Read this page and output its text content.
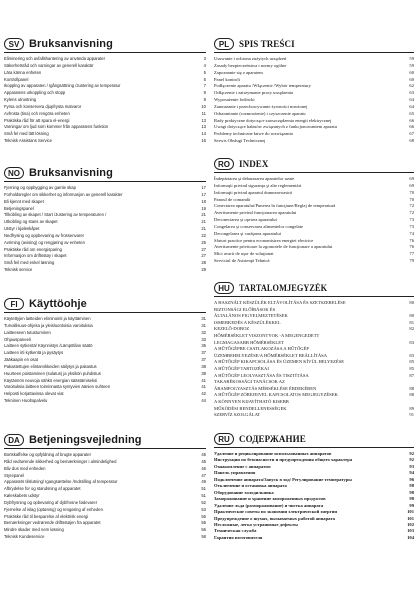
SV Bruksanvisning
Eliminering och avfallshantering av använda apparater	3
Säkerhetsråd och varningar av generell karaktär	4
Lära känna enheten	5
Kontrollpanel	5
Ikopplng av apparaten / Igångsättning /Justering av temperatur	7
Apparatens urkoppling och stopp	9
Kylens utrustning	9
Fyrsa och konservera djupfrysta matvaror	10
Avfrosta (tina) och rengöra enheten	11
Praktiska råd för att spara el-energi	13
Varningar om ljud som kommer från apparatens funktion	13
Små fel med lätt lösning	14
Teknisk Assistans Service	16
NO Bruksanvisning
Fjerning og oppbygging av gamle skap	17
Forholdsregler om sikkerhet og informasjon av generell karakter	17
Bli kjennt med skapet	18
Betjeningspanel	19
Tilkobling av skapet / Start /Justering av temperaturen /	21
Utkobling og stans av skapet	21
Utstyr i kjøleskåpet	21
Nedfrysing og oppbevaring av frossenvarer	22
Avriming (avising) og rengjøring av enheten	25
Praktiske råd om energisparing	27
Informasjon om driftsstøy i skapet	27
Små feil med enkel løsning	28
Teknisk service	29
FI	Käyttöohje
Käytettyjen laitteiden eliminointi ja käyttäminen	31
Turvallisuus-ohjeita ja yleisluontoisia varoituksia	31
Laitteeseen tutustuminen	32
Ohjauspaneeli	33
Laitteen sytkentä/ Käynnistys /Lämpötilan säätö	35
Laitteen irti kytkentä ja pysäytys	37
Jääkaapin en osat	37
Pakastettujen elintarvikkeiden säilytys ja pakastus	38
Huurteen poistaminen (sulatus) ja yksikön puhdistus	39
Käytännön neuvoja sähkö energian säästämiseksi	41
Varoituksia laitteen toiminnasta syntyvien äänien suhteen	41
Helposti korjattavissa olevat viat	42
Tekninen Huoltopalvelu	44
DA Betjeningsvejledning
Bortskaffelse og opfyldning af brugte apparater	45
Råd vedrørende sikkerhed og bemærkninger i almindelighed	45
Bliv dus med enheden	46
Styrepanel	47
Apparatets tilslutning/ Igangsættelse /Indstilling af temperatur	49
Afbrydelse for og standsning af apparatet	51
Køleskabets udstyr	51
Dybfrysning og opbevaring af dybfrosne fødevarer	52
Fjernelse af islag (optøning) og rengøring af enheden	53
Praktiske råd til besparelse af elektrisk energi	55
Bemærkninger vedrørende driftsstøjen fra apparatet	55
Mindre skader med nem løsning	56
Teknisk Kundeservice	58
PL	SPIS TREŚCI
Usuwanie i ochrona zużytych urządzeń	59
Zasady bezpieczeństwa i normy ogólne	59
Zapoznanie się z aparatem	60
Panel kontroli	60
Podłączenie aparatu /Włączenie /Wybór temperatury	62
Odłączenie i zatrzymanie pracy urządzenia	63
Wyposażenie lodówki	64
Zamrażanie i przechowywanie żywności mrożonej	64
Odszranianie (rozmrożenie) i czyszczenie aparatu	65
Rady praktyczne dotyczące zaoszczędzenia energii elektrycznej	66
Uwagi dotyczące hałasów związanych z funkcjonowaniem aparatu	66
Problemy techniczne łatwe do rozwiązania	67
Serwis Obsługi Technicznej	68
RO	INDEX
Îndepărtarea şi debarasarea aparatelor uzate	69
Informaţii privind siguranţa şi alte reglementări	69
Informaţii privind aparatul dumneavoastră	70
Panoul de comandă	70
Conectarea aparatului/Punerea în funcţiune/Reglaj de temperatură	72
Avertismente privind funcţionarea aparatului	72
Deconectarea şi oprirea aparatului	73
Congelarea şi conservarea alimentelor congelate	73
Decongelarea şi curăţarea aparatului	74
Sfaturi practice pentru economisirea energiei electrice	76
Avertismente privitoare la zgomotele de funcţionare a aparatului	76
Mici avarii de uşor de soluţionat	77
Serviciul de Asistenţă Tehnică	79
HU	TARTALOMJEGYZÉK
A HASZNÁLT KÉSZÜLÉK ELTÁVOLÍTÁSA ÉS SZETSZERELÉSE	80
BIZTONSÁGI ELŐÍRÁSOK ÉS
ÁLTALÁNOS FIGYELMEZTETÉSEK	80
ISMERKEDÉS A KÉSZÜLÉKKEL	81
KEZELŐ-DOBOZ	82
HŐMÉRSÉKLET VISZONTYOK -A MEGENGEDETT
LEGMAGASABB HŐMÉRSÉKLET	83
A HŰTŐGÉPBE CSATLAKOZÁSA A HŰTŐGÉP
ÜZEMBEHELYEZÉSE/A HŐMÉRSÉKLET BEÁLLÍTÁSA	83
A HŰTŐGÉP KIKAPCSOLÁSA ÉS ÜZEMEN KÍVÜL HELYEZÉSE	85
A HŰTŐGÉP TARTOZÉKAI	85
A HŰTŐGÉP LEOLVASZTÁSA ÉS TISZTÍTÁSA	87
TAKARÉKOSSÁGI TANÁCSOK AZ
ÁRAMFOGYASZTÁS MÉRSÉKLÉSE ÉRDEKÉBEN	88
A HŰTŐGÉP ZÖREJEIVEL KAPCSOLATOS MEGJEGYZÉSEK	88
A KÖNNYEN KIJAVÍTHATÓ KISEBB
MŰKÖDÉSI RENDELLENESSÉGEK	89
SZERVÍZ SZOLGÁLAT	91
RU	СОДЕРЖАНИЕ
Удаление и рециклирование использованных аппаратов	92
Инструкции по безопасности и предупреждения общего характера	92
Ознакомление с аппаратом	93
Панель управления	94
Подключение аппарата/Запуск в ход/ Регулирование температуры	96
Отключение и остановка аппарата	98
Оборудование холодильника	98
Замораживание и хранение замороженных продуктов	98
Удаление льда (размораживание) и чистка аппарата	99
Практические советы по экономии электрической энергии	101
Предупреждение о шумах, вызываемых работой аппарата	101
Несложные, легко устранимые дефекты	102
Техническая служба	103
Гарантия изготовителя	104
